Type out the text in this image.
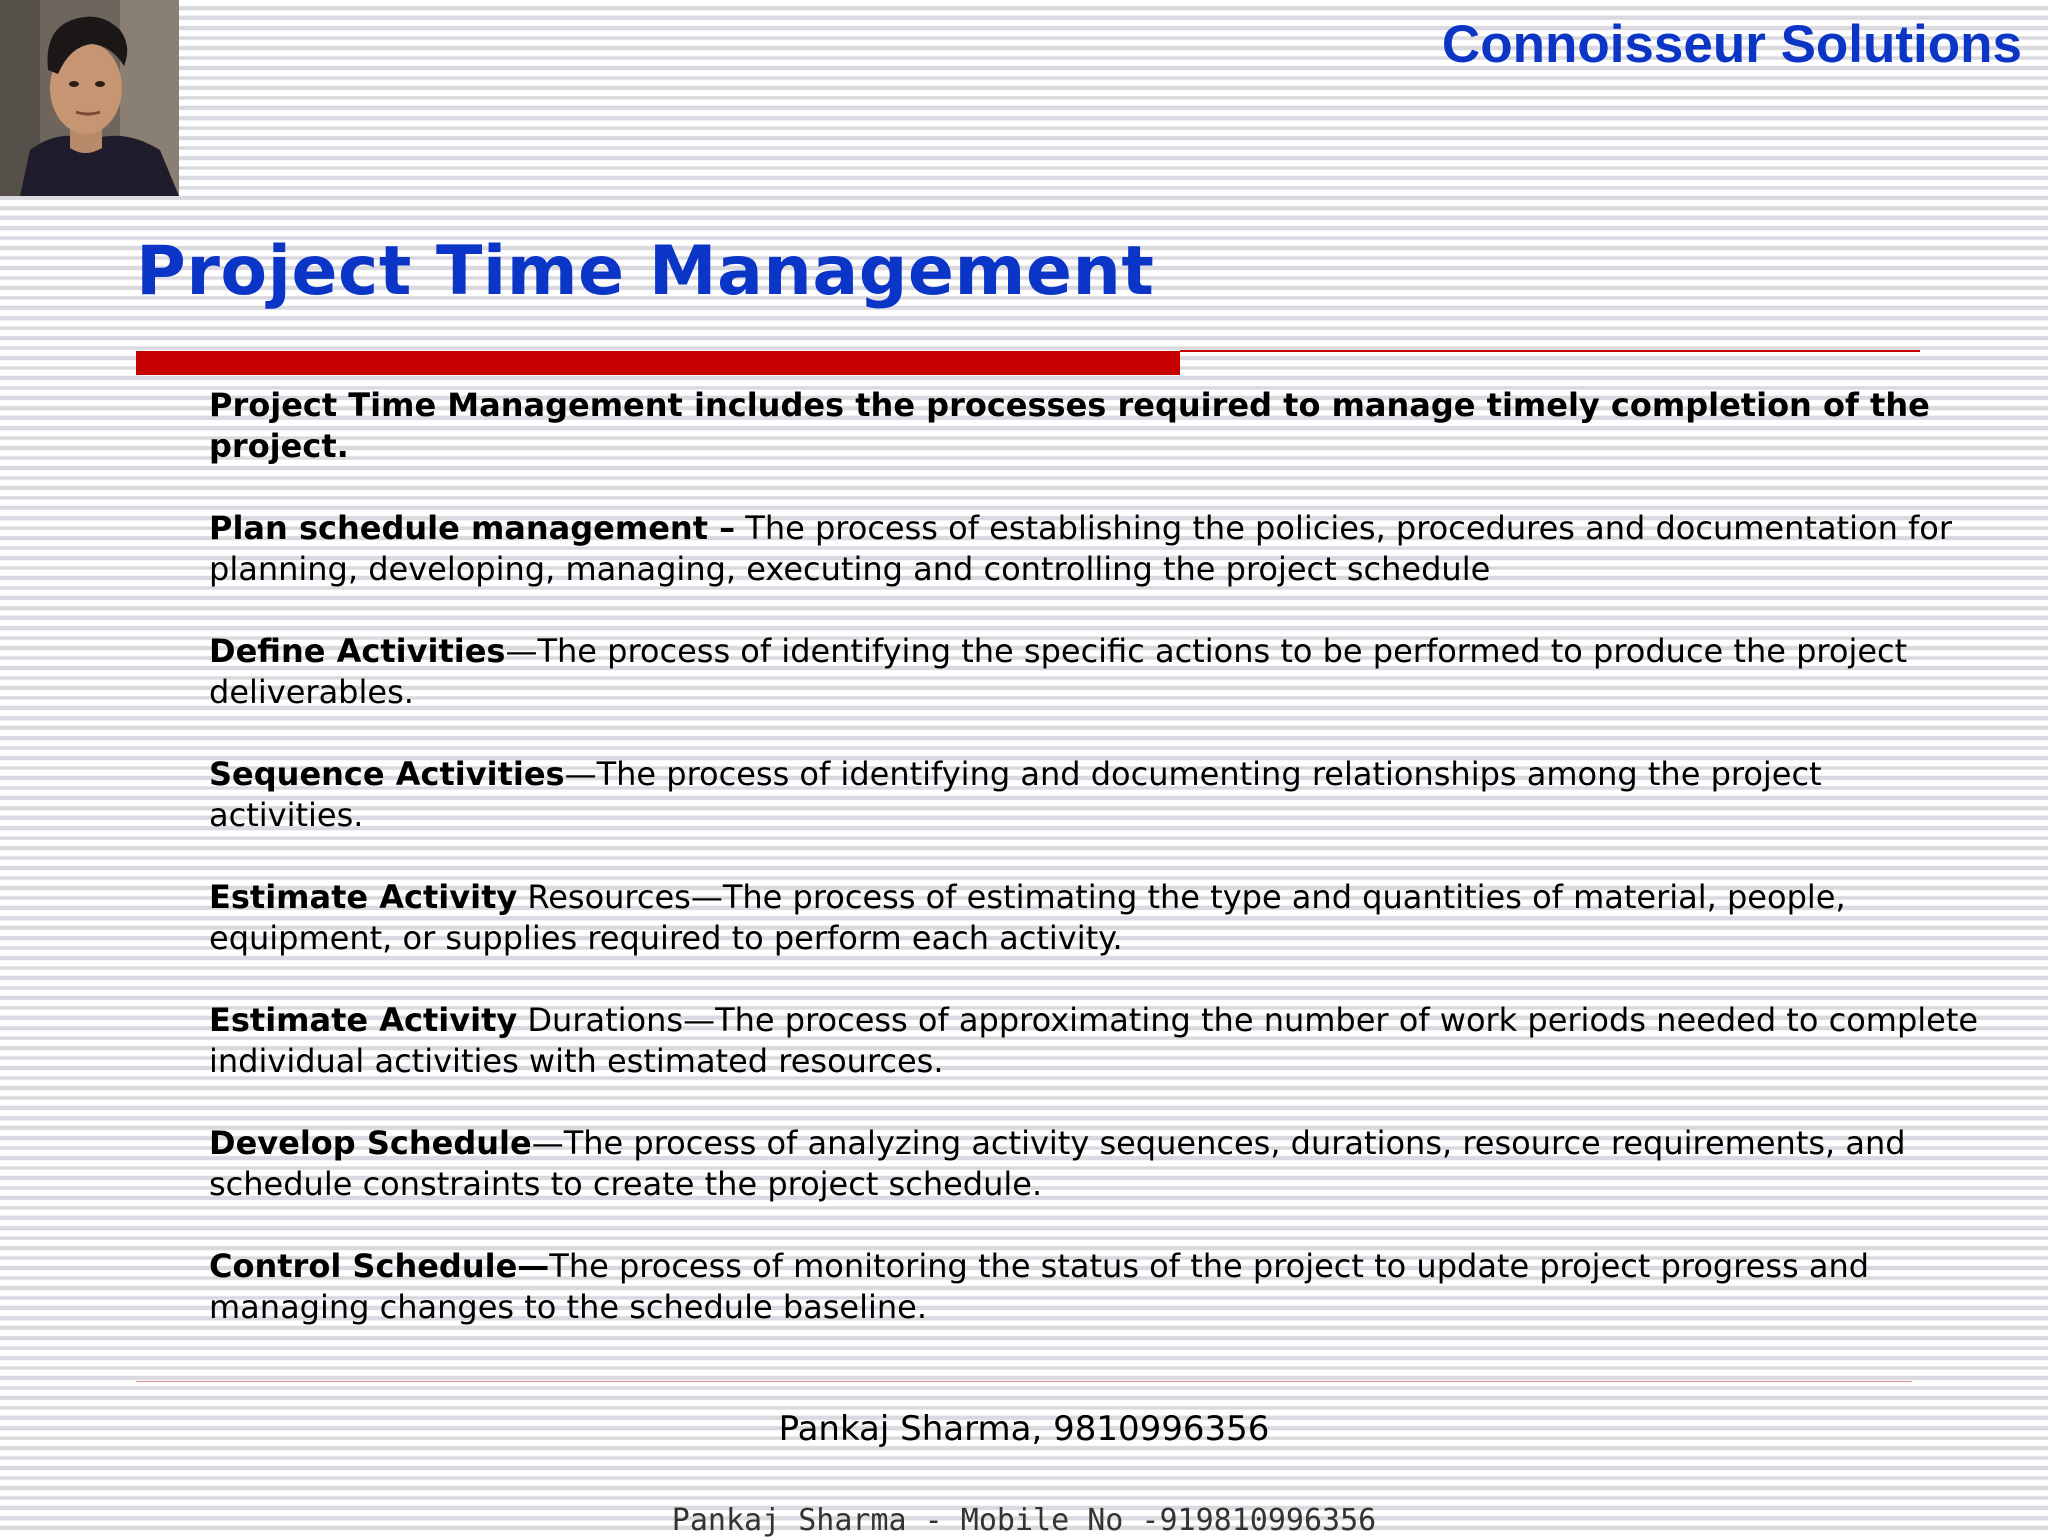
Connoisseur Solutions
Project Time Management

Project Time Management includes the processes required to manage timely completion of the project.

Plan schedule management – The process of establishing the policies, procedures and documentation for planning, developing, managing, executing and controlling the project schedule

Define Activities—The process of identifying the specific actions to be performed to produce the project deliverables.

Sequence Activities—The process of identifying and documenting relationships among the project activities.

Estimate Activity Resources—The process of estimating the type and quantities of material, people, equipment, or supplies required to perform each activity.

Estimate Activity Durations—The process of approximating the number of work periods needed to complete individual activities with estimated resources.

Develop Schedule—The process of analyzing activity sequences, durations, resource requirements, and schedule constraints to create the project schedule.

Control Schedule—The process of monitoring the status of the project to update project progress and managing changes to the schedule baseline.

Pankaj Sharma, 9810996356
Pankaj Sharma - Mobile No -919810996356
